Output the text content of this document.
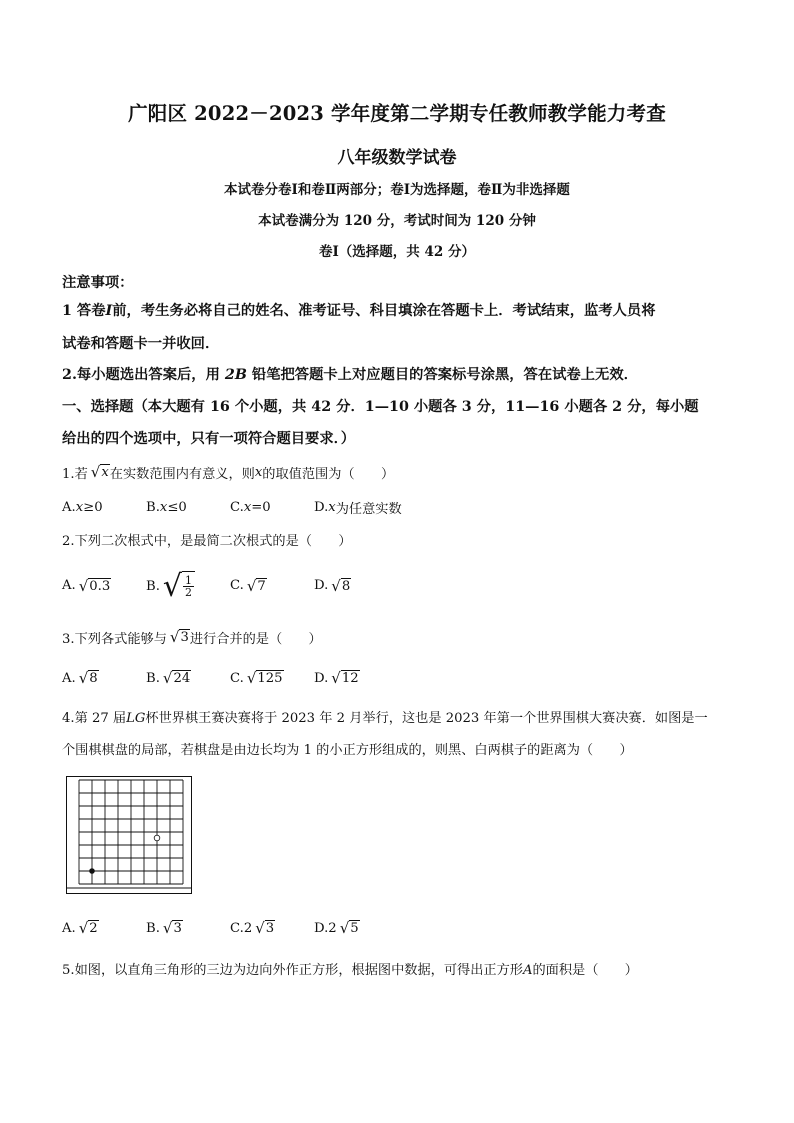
广阳区 2022－2023 学年度第二学期专任教师教学能力考查
八年级数学试卷
本试卷分卷Ⅰ和卷Ⅱ两部分；卷Ⅰ为选择题，卷Ⅱ为非选择题
本试卷满分为 120 分，考试时间为 120 分钟
卷Ⅰ（选择题，共 42 分）
注意事项：
1 答卷I前，考生务必将自己的姓名、准考证号、科目填涂在答题卡上．考试结束，监考人员将
试卷和答题卡一并收回．
2.每小题选出答案后，用 2B 铅笔把答题卡上对应题目的答案标号涂黑，答在试卷上无效．
一、选择题（本大题有 16 个小题，共 42 分．1—10 小题各 3 分，11—16 小题各 2 分，每小题
给出的四个选项中，只有一项符合题目要求．）
1.若 √ x 在实数范围内有意义，则 x 的取值范围为（　　）
A. x ≥0	B. x ≤0	C. x =0	D. x 为任意实数
2.下列二次根式中，是最简二次根式的是（　　）
A. √ 0.3	B. √ $\frac{1}{2}$	C. √ 7	D. √ 8
3.下列各式能够与 √ 3 进行合并的是（　　）
A. √ 8	B. √ 24	C. √ 125 D. √ 12
4.第 27 届LG杯世界棋王赛决赛将于 2023 年 2 月举行，这也是 2023 年第一个世界围棋大赛决赛．如图是一
个围棋棋盘的局部，若棋盘是由边长均为 1 的小正方形组成的，则黑、白两棋子的距离为（　　）
A. √ 2	B. √ 3	C. 2 √ 3	D. 2 √ 5
5.如图，以直角三角形的三边为边向外作正方形，根据图中数据，可得出正方形A的面积是（　　）
